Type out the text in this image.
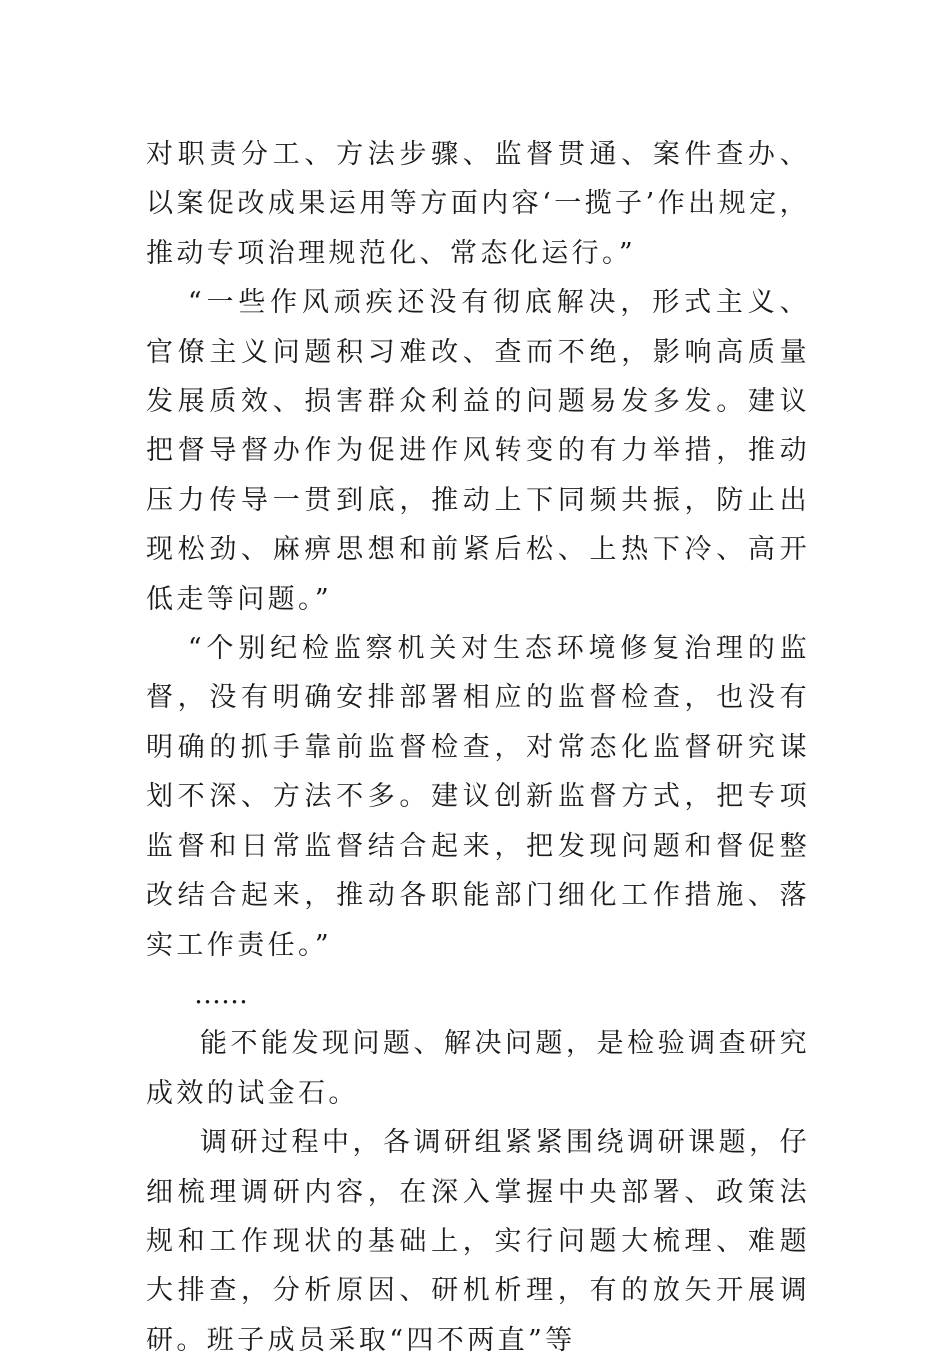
对职责分工、方法步骤、监督贯通、案件查办、以案促改成果运用等方面内容‘一揽子’作出规定，推动专项治理规范化、常态化运行。”

“一些作风顽疾还没有彻底解决，形式主义、官僚主义问题积习难改、查而不绝，影响高质量发展质效、损害群众利益的问题易发多发。建议把督导督办作为促进作风转变的有力举措，推动压力传导一贯到底，推动上下同频共振，防止出现松劲、麻痹思想和前紧后松、上热下冷、高开低走等问题。”

“个别纪检监察机关对生态环境修复治理的监督，没有明确安排部署相应的监督检查，也没有明确的抓手靠前监督检查，对常态化监督研究谋划不深、方法不多。建议创新监督方式，把专项监督和日常监督结合起来，把发现问题和督促整改结合起来，推动各职能部门细化工作措施、落实工作责任。”

……

能不能发现问题、解决问题，是检验调查研究成效的试金石。

调研过程中，各调研组紧紧围绕调研课题，仔细梳理调研内容，在深入掌握中央部署、政策法规和工作现状的基础上，实行问题大梳理、难题大排查，分析原因、研机析理，有的放矢开展调研。班子成员采取“四不两直”等
